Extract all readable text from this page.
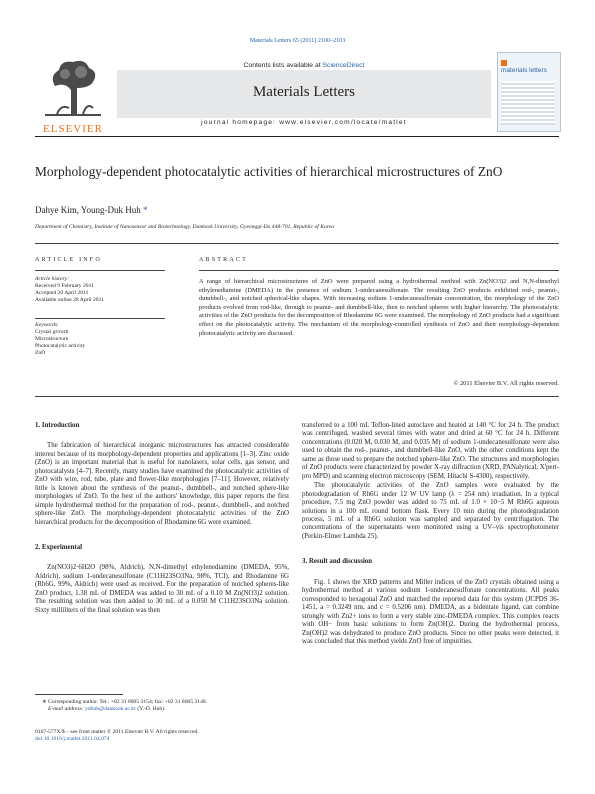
Materials Letters 65 (2011) 2100–2103
ELSEVIER
Contents lists available at ScienceDirect
Materials Letters
journal homepage: www.elsevier.com/locate/matlet
materials letters
Morphology-dependent photocatalytic activities of hierarchical microstructures of ZnO
Dahye Kim, Young-Duk Huh *
Department of Chemistry, Institute of Nanosensor and Biotechnology, Dankook University, Gyeonggi-Do 448-701, Republic of Korea
ARTICLE INFO
Article history:
Received 9 February 2011
Accepted 20 April 2011
Available online 28 April 2011
Keywords:
Crystal growth
Microstructure
Photocatalytic activity
ZnO
ABSTRACT
A range of hierarchical microstructures of ZnO were prepared using a hydrothermal method with Zn(NO3)2 and N,N-dimethyl ethylenediamine (DMEDA) in the presence of sodium 1-undecanesulfonate. The resulting ZnO products exhibited rod-, peanut-, dumbbell-, and notched spherical-like shapes. With increasing sodium 1-undecanesulfonate concentration, the morphology of the ZnO products evolved from rod-like, through to peanut- and dumbbell-like, then to notched spheres with higher hierarchy. The photocatalytic activities of the ZnO products for the decomposition of Rhodamine 6G were examined. The morphology of ZnO products had a significant effect on the photocatalytic activity. The mechanism of the morphology-controlled synthesis of ZnO and their morphology-dependent photocatalytic activity are discussed.
© 2011 Elsevier B.V. All rights reserved.
1. Introduction

The fabrication of hierarchical inorganic microstructures has attracted considerable interest because of its morphology-dependent properties and applications [1–3]. Zinc oxide (ZnO) is an important material that is useful for nanolasers, solar cells, gas sensor, and photocatalysts [4–7]. Recently, many studies have examined the photocatalytic activities of ZnO with wire, rod, tube, plate and flower-like morphologies [7–11]. However, relatively little is known about the synthesis of the peanut-, dumbbell-, and notched sphere-like morphologies of ZnO. To the best of the authors' knowledge, this paper reports the first simple hydrothermal method for the preparation of rod-, peanut-, dumbbell-, and notched sphere-like ZnO. The morphology-dependent photocatalytic activities of the ZnO hierarchical products for the decomposition of Rhodamine 6G were examined.

2. Experimental

Zn(NO3)2·6H2O (98%, Aldrich), N,N-dimethyl ethylenediamine (DMEDA, 95%, Aldrich), sodium 1-undecanesulfonate (C11H23SO3Na, 98%, TCI), and Rhodamine 6G (Rh6G, 99%, Aldrich) were used as received. For the preparation of notched spheres-like ZnO product, 1.38 mL of DMEDA was added to 30 mL of a 0.10 M Zn(NO3)2 solution. The resulting solution was then added to 30 mL of a 0.050 M C11H23SO3Na solution. Sixty milliliters of the final solution was then

transferred to a 100 mL Teflon-lined autoclave and heated at 140 °C for 24 h. The product was centrifuged, washed several times with water and dried at 60 °C for 24 h. Different concentrations (0.020 M, 0.030 M, and 0.035 M) of sodium 1-undecanesulfonate were also used to obtain the rod-, peanut-, and dumbbell-like ZnO, with the other conditions kept the same as those used to prepare the notched sphere-like ZnO. The structures and morphologies of ZnO products were characterized by powder X-ray diffraction (XRD, PANalytical, X'pert-pro MPD) and scanning electron microscopy (SEM, Hitachi S-4300), respectively.

The photocatalytic activities of the ZnO samples were evaluated by the photodegradation of Rh6G under 12 W UV lamp (λ = 254 nm) irradiation. In a typical procedure, 7.5 mg ZnO powder was added to 75 mL of 1.0 × 10−5 M Rh6G aqueous solutions in a 100 mL round bottom flask. Every 10 min during the photodegradation process, 5 mL of a Rh6G solution was sampled and separated by centrifugation. The concentrations of the supernatants were monitored using a UV–vis spectrophotometer (Perkin-Elmer Lambda 25).

3. Result and discussion

Fig. 1 shows the XRD patterns and Miller indices of the ZnO crystals obtained using a hydrothermal method at various sodium 1-undecanesulfonate concentrations. All peaks corresponded to hexagonal ZnO and matched the reported data for this system (JCPDS 36-1451, a = 0.3249 nm, and c = 0.5206 nm). DMEDA, as a bidentate ligand, can combine strongly with Zn2+ ions to form a very stable zinc-DMEDA complex. This complex reacts with OH− from basic solutions to form Zn(OH)2. During the hydrothermal process, Zn(OH)2 was dehydrated to produce ZnO products. Since no other peaks were detected, it was concluded that this method yields ZnO free of impurities.

∗ Corresponding author. Tel.: +82 31 8005 3154; fax: +82 31 8005 3148.
E-mail address: ydhuh@dankook.ac.kr (Y.-D. Huh).
0167-577X/$ – see front matter © 2011 Elsevier B.V. All rights reserved.
doi:10.1016/j.matlet.2011.04.074
